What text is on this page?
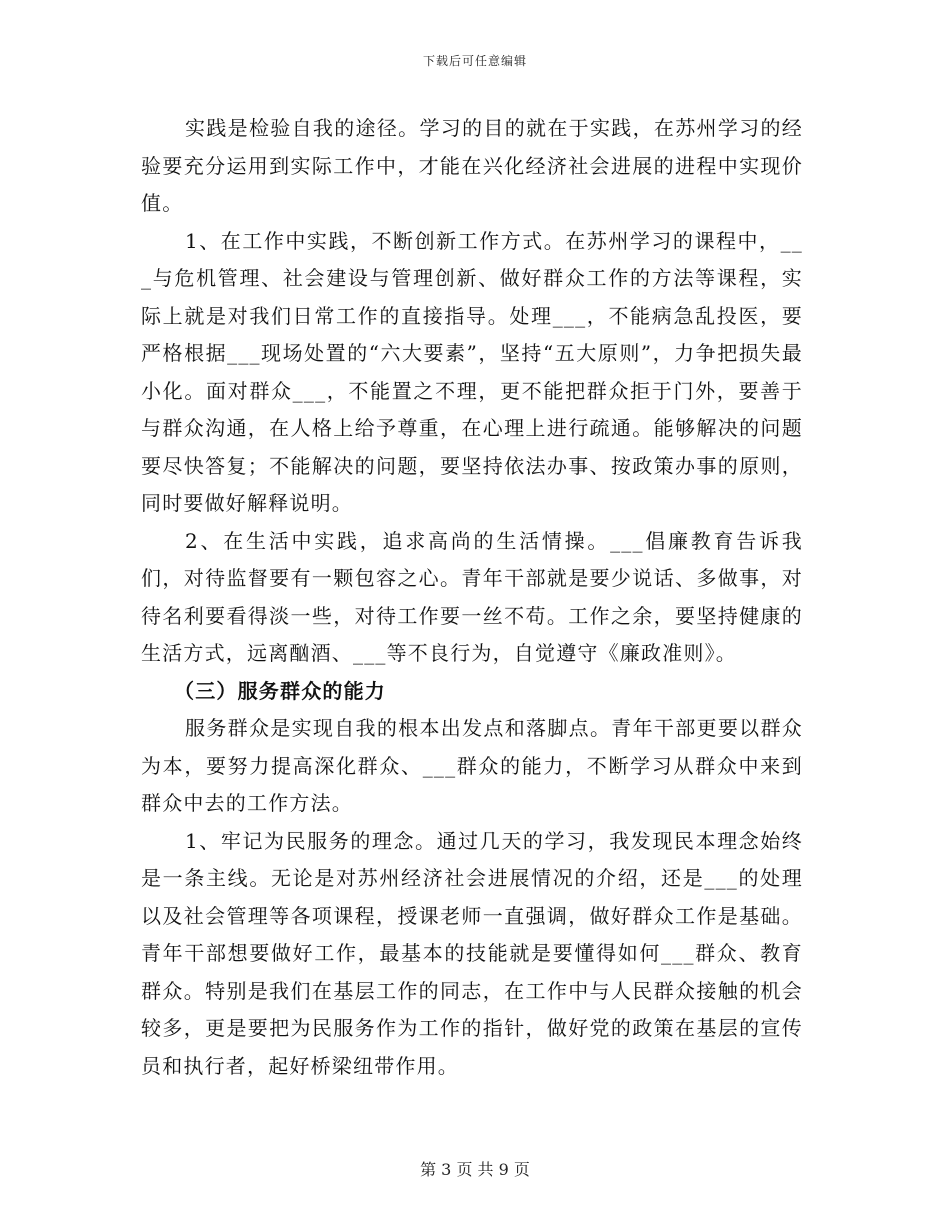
下载后可任意编辑

实践是检验自我的途径。学习的目的就在于实践，在苏州学习的经验要充分运用到实际工作中，才能在兴化经济社会进展的进程中实现价值。

1、在工作中实践，不断创新工作方式。在苏州学习的课程中，___与危机管理、社会建设与管理创新、做好群众工作的方法等课程，实际上就是对我们日常工作的直接指导。处理___，不能病急乱投医，要严格根据___现场处置的“六大要素”，坚持“五大原则”，力争把损失最小化。面对群众___，不能置之不理，更不能把群众拒于门外，要善于与群众沟通，在人格上给予尊重，在心理上进行疏通。能够解决的问题要尽快答复；不能解决的问题，要坚持依法办事、按政策办事的原则，同时要做好解释说明。

2、在生活中实践，追求高尚的生活情操。___倡廉教育告诉我们，对待监督要有一颗包容之心。青年干部就是要少说话、多做事，对待名利要看得淡一些，对待工作要一丝不苟。工作之余，要坚持健康的生活方式，远离酗酒、___等不良行为，自觉遵守《廉政准则》。

（三）服务群众的能力

服务群众是实现自我的根本出发点和落脚点。青年干部更要以群众为本，要努力提高深化群众、___群众的能力，不断学习从群众中来到群众中去的工作方法。

1、牢记为民服务的理念。通过几天的学习，我发现民本理念始终是一条主线。无论是对苏州经济社会进展情况的介绍，还是___的处理以及社会管理等各项课程，授课老师一直强调，做好群众工作是基础。青年干部想要做好工作，最基本的技能就是要懂得如何___群众、教育群众。特别是我们在基层工作的同志，在工作中与人民群众接触的机会较多，更是要把为民服务作为工作的指针，做好党的政策在基层的宣传员和执行者，起好桥梁纽带作用。

第 3 页 共 9 页
